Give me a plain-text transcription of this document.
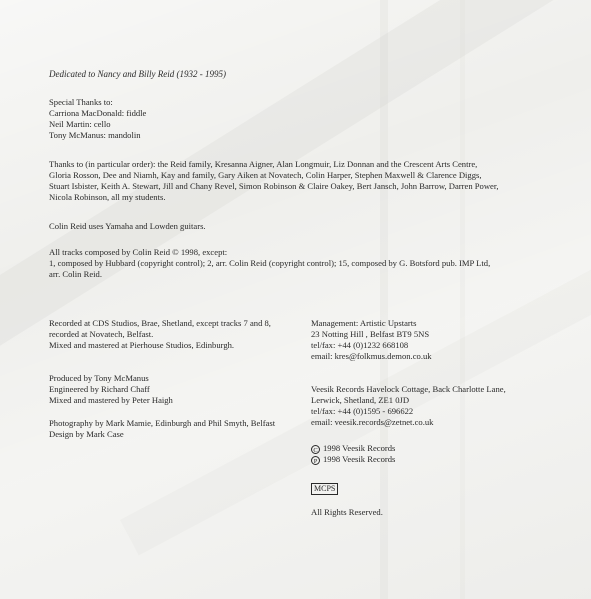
Dedicated to Nancy and Billy Reid (1932 - 1995)
Special Thanks to:
Carriona MacDonald: fiddle
Neil Martin: cello
Tony McManus: mandolin
Thanks to (in particular order): the Reid family, Kresanna Aigner, Alan Longmuir, Liz Donnan and the Crescent Arts Centre,
Gloria Rosson, Dee and Niamh, Kay and family, Gary Aiken at Novatech, Colin Harper, Stephen Maxwell & Clarence Diggs,
Stuart Isbister, Keith A. Stewart, Jill and Chany Revel, Simon Robinson & Claire Oakey, Bert Jansch, John Barrow, Darren Power,
Nicola Robinson, all my students.
Colin Reid uses Yamaha and Lowden guitars.
All tracks composed by Colin Reid © 1998, except:
1, composed by Hubbard (copyright control); 2, arr. Colin Reid (copyright control); 15, composed by G. Botsford pub. IMP Ltd,
arr. Colin Reid.
Recorded at CDS Studios, Brae, Shetland, except tracks 7 and 8,
recorded at Novatech, Belfast.
Mixed and mastered at Pierhouse Studios, Edinburgh.
Produced by Tony McManus
Engineered by Richard Chaff
Mixed and mastered by Peter Haigh
Photography by Mark Mamie, Edinburgh and Phil Smyth, Belfast
Design by Mark Case
Management: Artistic Upstarts
23 Notting Hill , Belfast BT9 5NS
tel/fax: +44 (0)1232 668108
email: kres@folkmus.demon.co.uk
Veesik Records Havelock Cottage, Back Charlotte Lane,
Lerwick, Shetland, ZE1 0JD
tel/fax: +44 (0)1595 - 696622
email: veesik.records@zetnet.co.uk
C 1998 Veesik Records
P 1998 Veesik Records
MCPS
All Rights Reserved.
